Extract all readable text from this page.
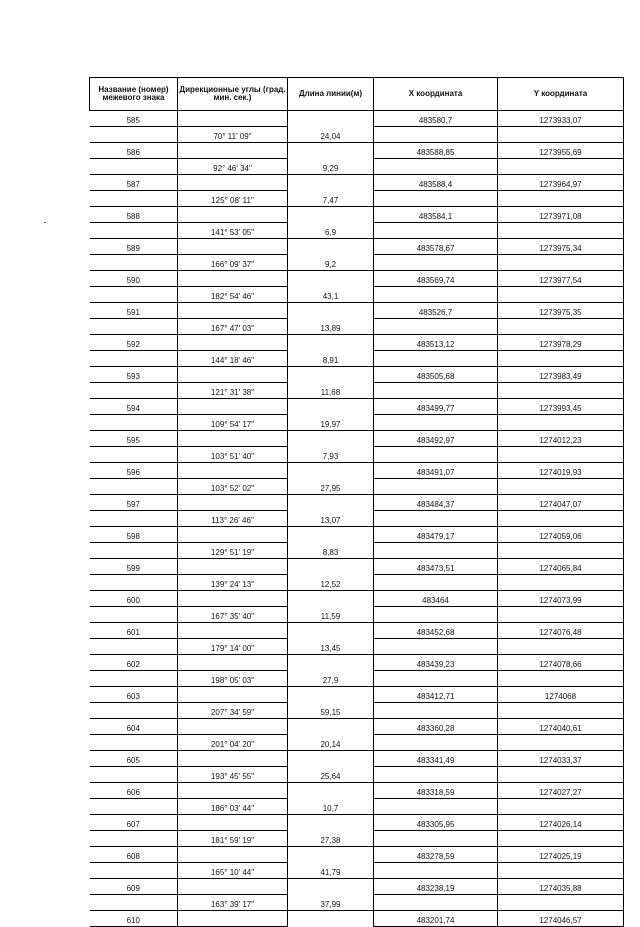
Название (номер) межевого знака	Дирекционные углы (град. мин. сек.)	Длина линии(м)	X координата	Y координата
585			483580,7	1273933,07
	70° 11' 09"	24,04		
586			483588,85	1273955,69
	92° 46' 34"	9,29		
587			483588,4	1273964,97
	125° 08' 11"	7,47		
588			483584,1	1273971,08
	141° 53' 05"	6,9		
589			483578,67	1273975,34
	166° 09' 37"	9,2		
590			483569,74	1273977,54
	182° 54' 46"	43,1		
591			483526,7	1273975,35
	167° 47' 03"	13,89		
592			483513,12	1273978,29
	144° 18' 46"	8,91		
593			483505,68	1273983,49
	121° 31' 38"	11,68		
594			483499,77	1273993,45
	109° 54' 17"	19,97		
595			483492,97	1274012,23
	103° 51' 40"	7,93		
596			483491,07	1274019,93
	103° 52' 02"	27,95		
597			483484,37	1274047,07
	113° 26' 46"	13,07		
598			483479,17	1274059,06
	129° 51' 19"	8,83		
599			483473,51	1274065,84
	139° 24' 13"	12,52		
600			483464	1274073,99
	167° 35' 40"	11,59		
601			483452,68	1274076,48
	179° 14' 00"	13,45		
602			483439,23	1274078,66
	198° 05' 03"	27,9		
603			483412,71	1274068
	207° 34' 59"	59,15		
604			483360,28	1274040,61
	201° 04' 20"	20,14		
605			483341,49	1274033,37
	193° 45' 55"	25,64		
606			483318,59	1274027,27
	186° 03' 44"	10,7		
607			483305,95	1274026,14
	181° 59' 19"	27,38		
608			483278,59	1274025,19
	165° 10' 44"	41,79		
609			483238,19	1274035,88
	163° 39' 17"	37,99		
610			483201,74	1274046,57
